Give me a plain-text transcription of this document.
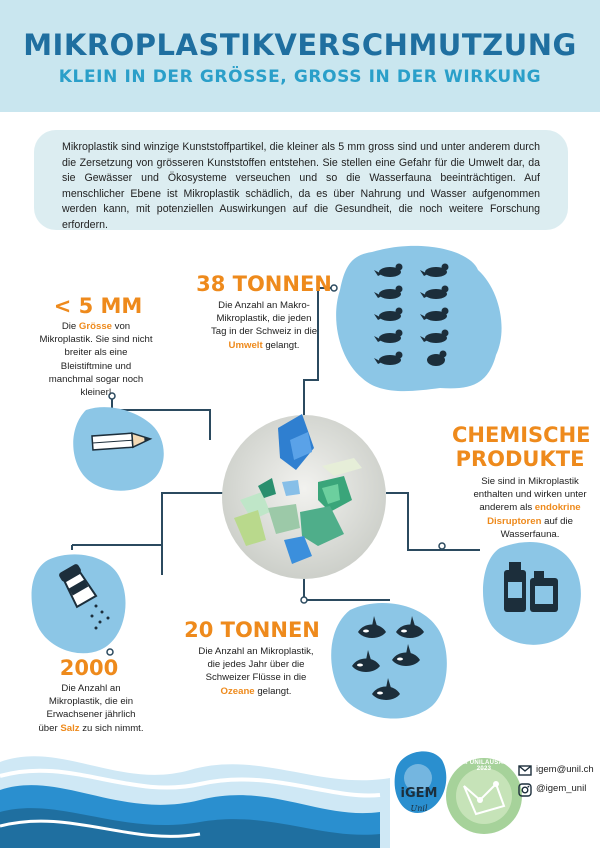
MIKROPLASTIKVERSCHMUTZUNG
KLEIN IN DER GRÖSSE, GROSS IN DER WIRKUNG
Mikroplastik sind winzige Kunststoffpartikel, die kleiner als 5 mm gross sind und unter anderem durch die Zersetzung von grösseren Kunststoffen entstehen. Sie stellen eine Gefahr für die Umwelt dar, da sie Gewässer und Ökosysteme verseuchen und so die Wasserfauna beeinträchtigen. Auf menschlicher Ebene ist Mikroplastik schädlich, da es über Nahrung und Wasser aufgenommen werden kann, mit potenziellen Auswirkungen auf die Gesundheit, die noch weitere Forschung erfordern.
< 5 MM
Die Grösse von Mikroplastik. Sie sind nicht breiter als eine Bleistiftmine und manchmal sogar noch kleiner!
38 TONNEN
Die Anzahl an Makro-Mikroplastik, die jeden Tag in der Schweiz in die Umwelt gelangt.
CHEMISCHE
PRODUKTE
Sie sind in Mikroplastik enthalten und wirken unter anderem als endokrine Disruptoren auf die Wasserfauna.
20 TONNEN
Die Anzahl an Mikroplastik, die jedes Jahr über die Schweizer Flüsse in die Ozeane gelangt.
2000
Die Anzahl an Mikroplastik, die ein Erwachsener jährlich über Salz zu sich nimmt.
iGEM
Unil
IGEM UNILAUSANNE 2023	igem@unil.ch
@igem_unil
